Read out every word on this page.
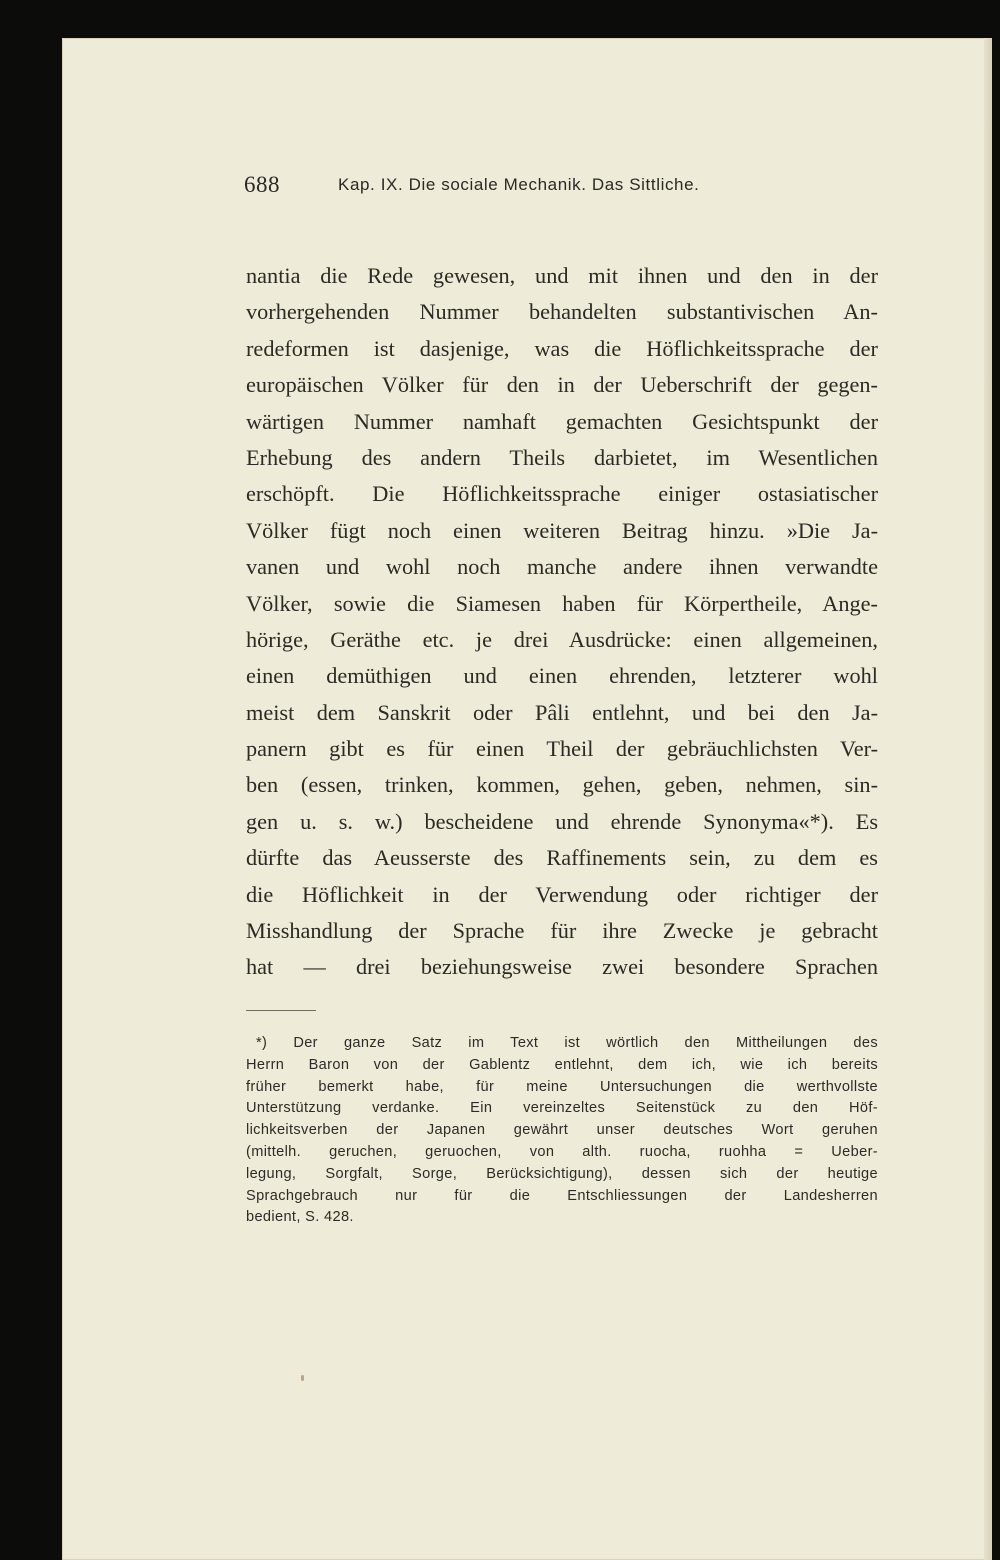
688	Kap. IX. Die sociale Mechanik. Das Sittliche.
nantia die Rede gewesen, und mit ihnen und den in der
vorhergehenden Nummer behandelten substantivischen An-
redeformen ist dasjenige, was die Höflichkeitssprache der
europäischen Völker für den in der Ueberschrift der gegen-
wärtigen Nummer namhaft gemachten Gesichtspunkt der
Erhebung des andern Theils darbietet, im Wesentlichen
erschöpft. Die Höflichkeitssprache einiger ostasiatischer
Völker fügt noch einen weiteren Beitrag hinzu. »Die Ja-
vanen und wohl noch manche andere ihnen verwandte
Völker, sowie die Siamesen haben für Körpertheile, Ange-
hörige, Geräthe etc. je drei Ausdrücke: einen allgemeinen,
einen demüthigen und einen ehrenden, letzterer wohl
meist dem Sanskrit oder Pâli entlehnt, und bei den Ja-
panern gibt es für einen Theil der gebräuchlichsten Ver-
ben (essen, trinken, kommen, gehen, geben, nehmen, sin-
gen u. s. w.) bescheidene und ehrende Synonyma«*). Es
dürfte das Aeusserste des Raffinements sein, zu dem es
die Höflichkeit in der Verwendung oder richtiger der
Misshandlung der Sprache für ihre Zwecke je gebracht
hat — drei beziehungsweise zwei besondere Sprachen
*) Der ganze Satz im Text ist wörtlich den Mittheilungen des
Herrn Baron von der Gablentz entlehnt, dem ich, wie ich bereits
früher bemerkt habe, für meine Untersuchungen die werthvollste
Unterstützung verdanke. Ein vereinzeltes Seitenstück zu den Höf-
lichkeitsverben der Japanen gewährt unser deutsches Wort geruhen
(mittelh. geruchen, geruochen, von alth. ruocha, ruohha = Ueber-
legung, Sorgfalt, Sorge, Berücksichtigung), dessen sich der heutige
Sprachgebrauch nur für die Entschliessungen der Landesherren
bedient, S. 428.
